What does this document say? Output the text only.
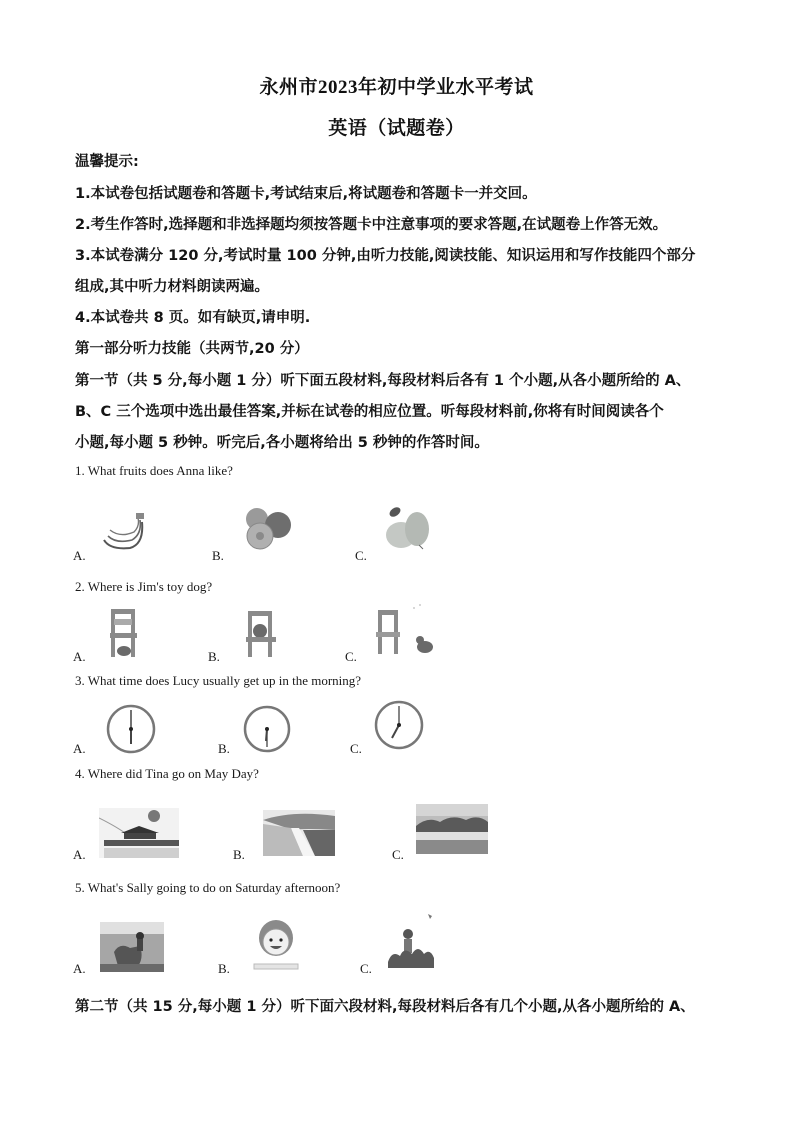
永州市2023年初中学业水平考试
英语（试题卷）
温馨提示:
1.本试卷包括试题卷和答题卡,考试结束后,将试题卷和答题卡一并交回。
2.考生作答时,选择题和非选择题均须按答题卡中注意事项的要求答题,在试题卷上作答无效。
3.本试卷满分 120 分,考试时量 100 分钟,由听力技能,阅读技能、知识运用和写作技能四个部分
组成,其中听力材料朗读两遍。
4.本试卷共 8 页。如有缺页,请申明.
第一部分听力技能（共两节,20 分）
第一节（共 5 分,每小题 1 分）听下面五段材料,每段材料后各有 1 个小题,从各小题所给的 A、
B、C 三个选项中选出最佳答案,并标在试卷的相应位置。听每段材料前,你将有时间阅读各个
小题,每小题 5 秒钟。听完后,各小题将给出 5 秒钟的作答时间。
1. What fruits does Anna like?
A.	B.	C.
2. Where is Jim's toy dog?
A.	B.	C.
3. What time does Lucy usually get up in the morning?
A.	B.	C.
4. Where did Tina go on May Day?
A.	B.	C.
5. What's Sally going to do on Saturday afternoon?
A.	B.	C.
第二节（共 15 分,每小题 1 分）听下面六段材料,每段材料后各有几个小题,从各小题所给的 A、
